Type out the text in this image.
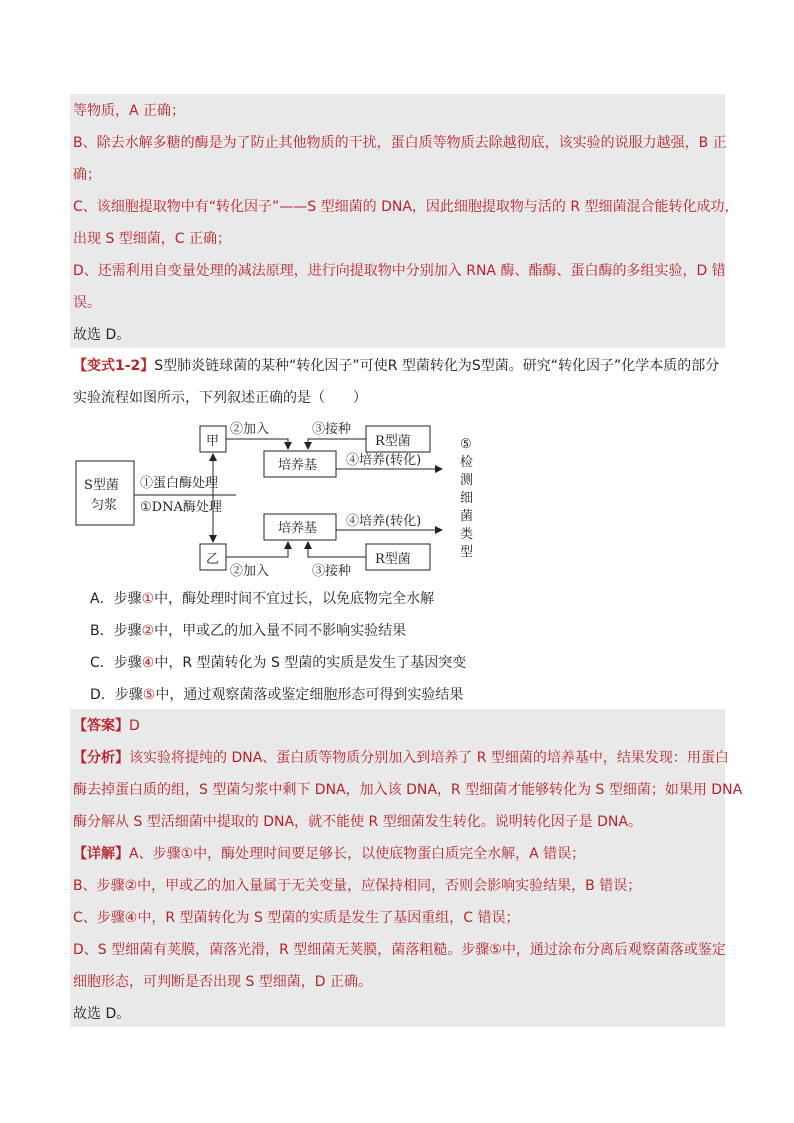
等物质，A 正确；
B、除去水解多糖的酶是为了防止其他物质的干扰，蛋白质等物质去除越彻底，该实验的说服力越强，B 正
确；
C、该细胞提取物中有“转化因子”——S 型细菌的 DNA，因此细胞提取物与活的 R 型细菌混合能转化成功，
出现 S 型细菌，C 正确；
D、还需利用自变量处理的减法原理，进行向提取物中分别加入 RNA 酶、酯酶、蛋白酶的多组实验，D 错
误。
故选 D。
【变式1-2】S型肺炎链球菌的某种“转化因子”可使R 型菌转化为S型菌。研究“转化因子”化学本质的部分
实验流程如图所示，下列叙述正确的是（　　）
S型菌
匀浆
①蛋白酶处理
①DNA酶处理
甲
乙
②加入
②加入
③接种
③接种
R型菌
R型菌
培养基
培养基
④培养(转化)
④培养(转化)
⑤
检
测
细
菌
类
型
A．步骤①中，酶处理时间不宜过长，以免底物完全水解
B．步骤②中，甲或乙的加入量不同不影响实验结果
C．步骤④中，R 型菌转化为 S 型菌的实质是发生了基因突变
D．步骤⑤中，通过观察菌落或鉴定细胞形态可得到实验结果
【答案】D
【分析】该实验将提纯的 DNA、蛋白质等物质分别加入到培养了 R 型细菌的培养基中，结果发现：用蛋白
酶去掉蛋白质的组，S 型菌匀浆中剩下 DNA，加入该 DNA，R 型细菌才能够转化为 S 型细菌；如果用 DNA
酶分解从 S 型活细菌中提取的 DNA，就不能使 R 型细菌发生转化。说明转化因子是 DNA。
【详解】A、步骤①中，酶处理时间要足够长，以使底物蛋白质完全水解，A 错误；
B、步骤②中，甲或乙的加入量属于无关变量，应保持相同，否则会影响实验结果，B 错误；
C、步骤④中，R 型菌转化为 S 型菌的实质是发生了基因重组，C 错误；
D、S 型细菌有荚膜，菌落光滑，R 型细菌无荚膜，菌落粗糙。步骤⑤中，通过涂布分离后观察菌落或鉴定
细胞形态，可判断是否出现 S 型细菌，D 正确。
故选 D。
